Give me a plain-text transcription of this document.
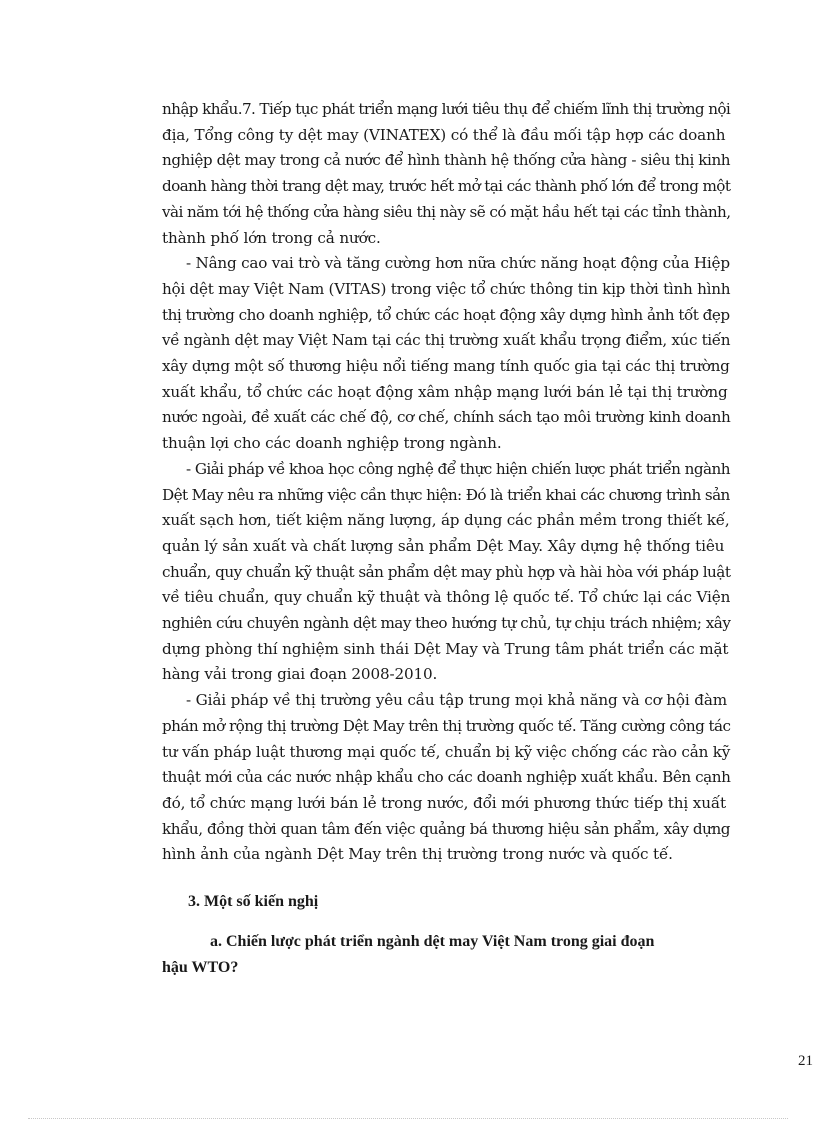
nhập khẩu.7. Tiếp tục phát triển mạng lưới tiêu thụ để chiếm lĩnh thị trường nội
địa, Tổng công ty dệt may (VINATEX) có thể là đầu mối tập hợp các doanh
nghiệp dệt may trong cả nước để hình thành hệ thống cửa hàng - siêu thị kinh
doanh hàng thời trang dệt may, trước hết mở tại các thành phố lớn để trong một
vài năm tới hệ thống cửa hàng siêu thị này sẽ có mặt hầu hết tại các tỉnh thành,
thành phố lớn trong cả nước.
- Nâng cao vai trò và tăng cường hơn nữa chức năng hoạt động của Hiệp
hội dệt may Việt Nam (VITAS) trong việc tổ chức thông tin kịp thời tình hình
thị trường cho doanh nghiệp, tổ chức các hoạt động xây dựng hình ảnh tốt đẹp
về ngành dệt may Việt Nam tại các thị trường xuất khẩu trọng điểm, xúc tiến
xây dựng một số thương hiệu nổi tiếng mang tính quốc gia tại các thị trường
xuất khẩu, tổ chức các hoạt động xâm nhập mạng lưới bán lẻ tại thị trường
nước ngoài, đề xuất các chế độ, cơ chế, chính sách tạo môi trường kinh doanh
thuận lợi cho các doanh nghiệp trong ngành.
- Giải pháp về khoa học công nghệ để thực hiện chiến lược phát triển ngành
Dệt May nêu ra những việc cần thực hiện: Đó là triển khai các chương trình sản
xuất sạch hơn, tiết kiệm năng lượng, áp dụng các phần mềm trong thiết kế,
quản lý sản xuất và chất lượng sản phẩm Dệt May. Xây dựng hệ thống tiêu
chuẩn, quy chuẩn kỹ thuật sản phẩm dệt may phù hợp và hài hòa với pháp luật
về tiêu chuẩn, quy chuẩn kỹ thuật và thông lệ quốc tế. Tổ chức lại các Viện
nghiên cứu chuyên ngành dệt may theo hướng tự chủ, tự chịu trách nhiệm; xây
dựng phòng thí nghiệm sinh thái Dệt May và Trung tâm phát triển các mặt
hàng vải trong giai đoạn 2008-2010.
- Giải pháp về thị trường yêu cầu tập trung mọi khả năng và cơ hội đàm
phán mở rộng thị trường Dệt May trên thị trường quốc tế. Tăng cường công tác
tư vấn pháp luật thương mại quốc tế, chuẩn bị kỹ việc chống các rào cản kỹ
thuật mới của các nước nhập khẩu cho các doanh nghiệp xuất khẩu. Bên cạnh
đó, tổ chức mạng lưới bán lẻ trong nước, đổi mới phương thức tiếp thị xuất
khẩu, đồng thời quan tâm đến việc quảng bá thương hiệu sản phẩm, xây dựng
hình ảnh của ngành Dệt May trên thị trường trong nước và quốc tế.
3. Một số kiến nghị
a. Chiến lược phát triển ngành dệt may Việt Nam trong giai đoạn
hậu WTO?
21
